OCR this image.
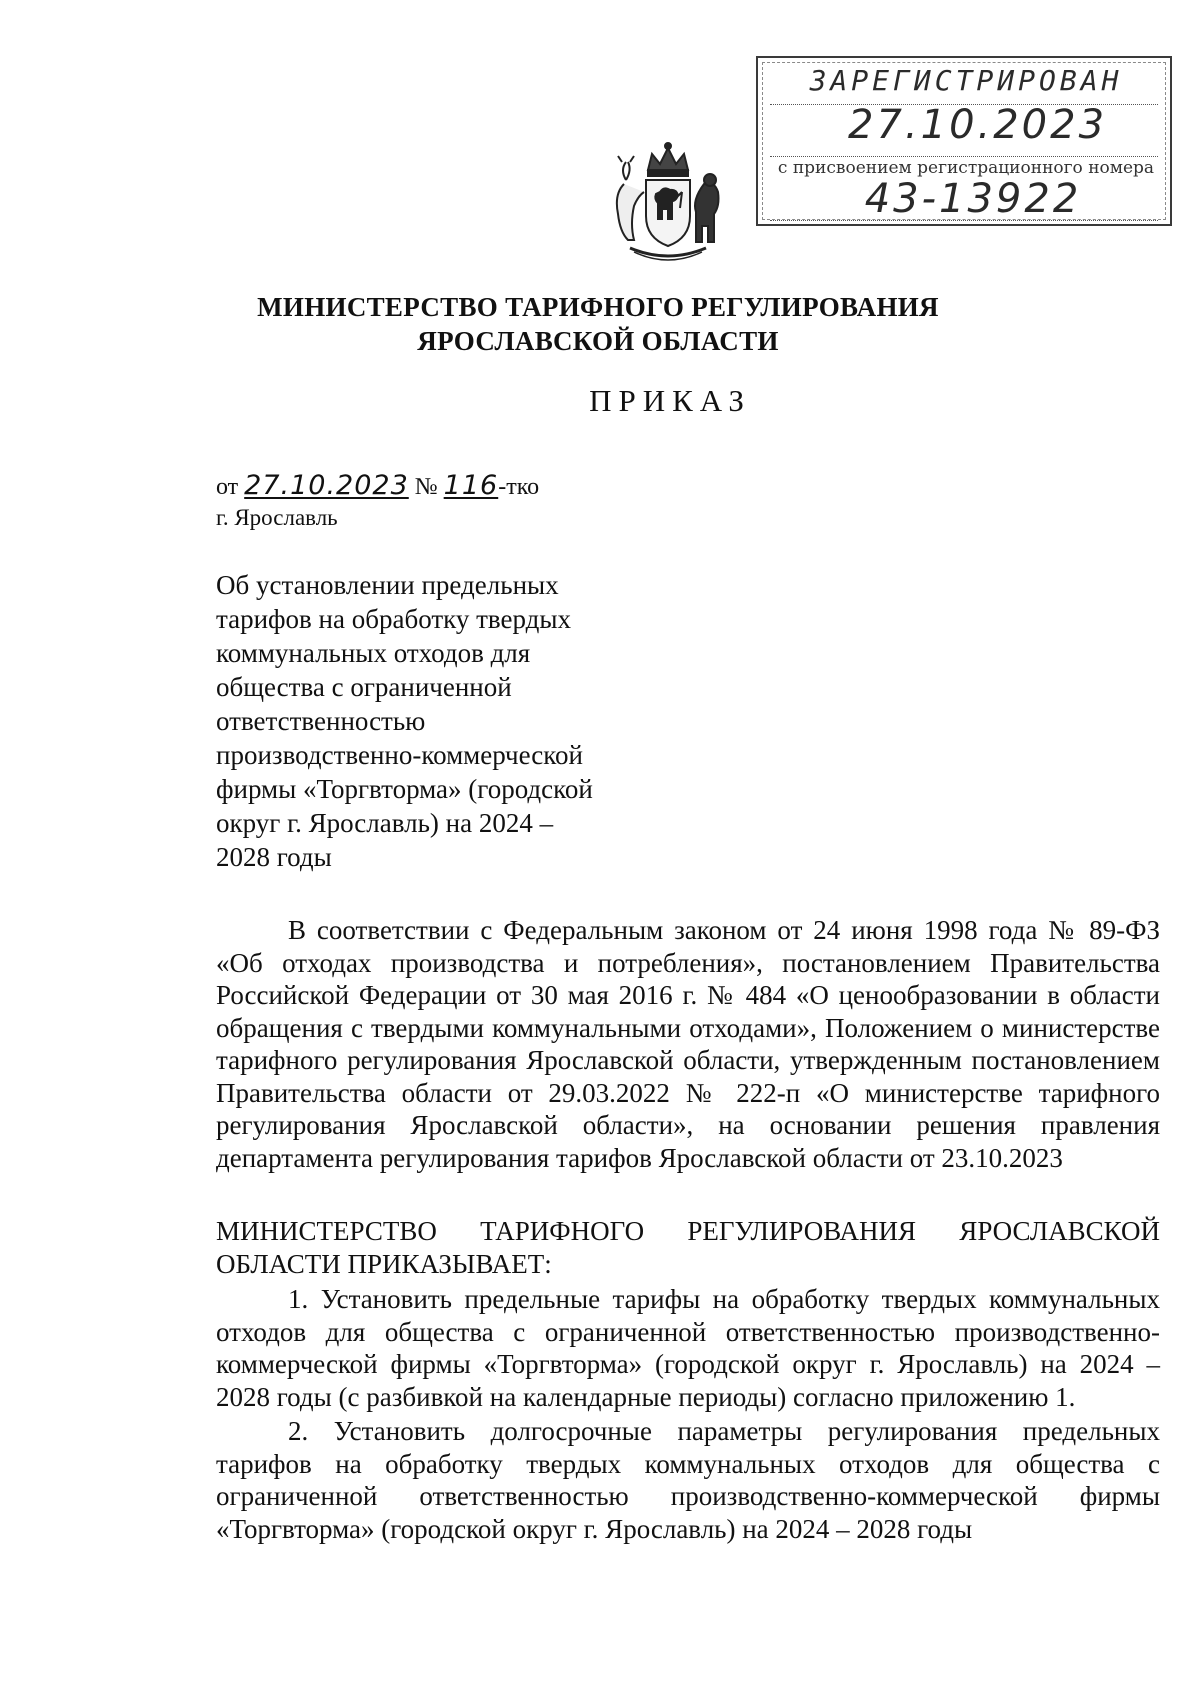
ЗАРЕГИСТРИРОВАН
27.10.2023
с присвоением регистрационного номера
43-13922
МИНИСТЕРСТВО ТАРИФНОГО РЕГУЛИРОВАНИЯ
ЯРОСЛАВСКОЙ ОБЛАСТИ
ПРИКАЗ
от 27.10.2023 № 116-тко
г. Ярославль
Об установлении предельных
тарифов на обработку твердых
коммунальных отходов для
общества с ограниченной
ответственностью
производственно-коммерческой
фирмы «Торгвторма» (городской
округ г. Ярославль) на 2024 –
2028 годы
В соответствии с Федеральным законом от 24 июня 1998 года № 89-ФЗ «Об отходах производства и потребления», постановлением Правительства Российской Федерации от 30 мая 2016 г. № 484 «О ценообразовании в области обращения с твердыми коммунальными отходами», Положением о министерстве тарифного регулирования Ярославской области, утвержденным постановлением Правительства области от 29.03.2022 № 222-п «О министерстве тарифного регулирования Ярославской области», на основании решения правления департамента регулирования тарифов Ярославской области от 23.10.2023
МИНИСТЕРСТВО ТАРИФНОГО РЕГУЛИРОВАНИЯ ЯРОСЛАВСКОЙ ОБЛАСТИ ПРИКАЗЫВАЕТ:
1. Установить предельные тарифы на обработку твердых коммунальных отходов для общества с ограниченной ответственностью производственно-коммерческой фирмы «Торгвторма» (городской округ г. Ярославль) на 2024 – 2028 годы (с разбивкой на календарные периоды) согласно приложению 1.
2. Установить долгосрочные параметры регулирования предельных тарифов на обработку твердых коммунальных отходов для общества с ограниченной ответственностью производственно-коммерческой фирмы «Торгвторма» (городской округ г. Ярославль) на 2024 – 2028 годы
